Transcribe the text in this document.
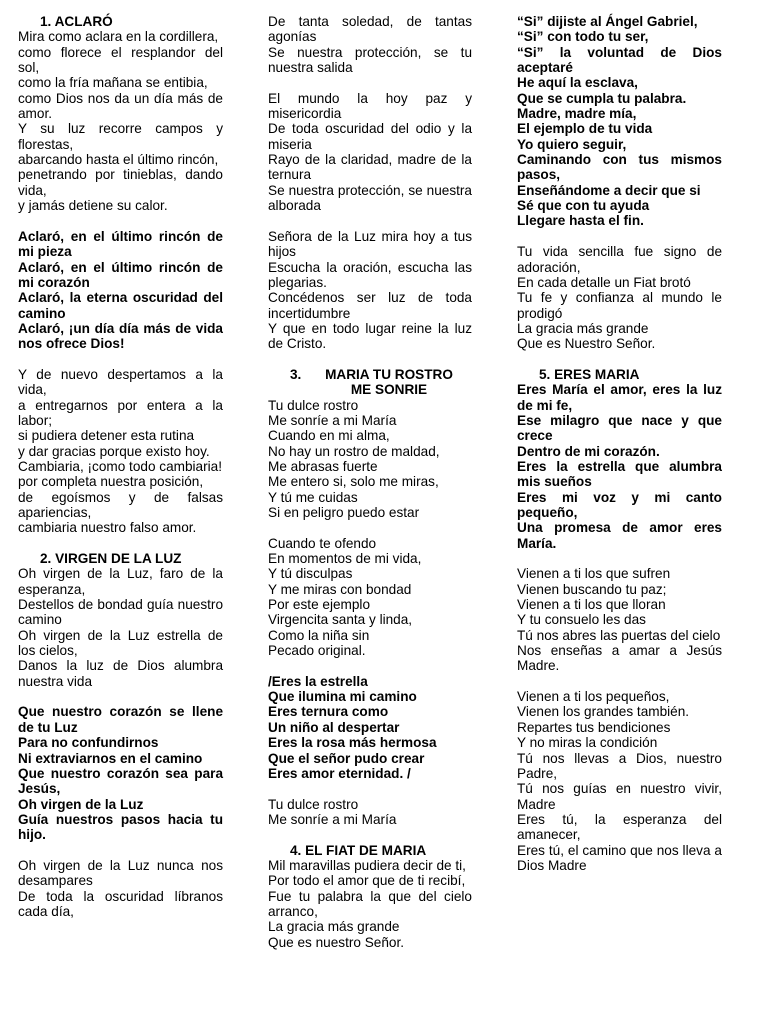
1. ACLARÓ

Mira como aclara en la cordillera,

como florece el resplandor del sol,

como la fría mañana se entibia,

como Dios nos da un día más de amor.

Y su luz recorre campos y florestas,

abarcando hasta el último rincón,

penetrando por tinieblas, dando vida,

y jamás detiene su calor.

Aclaró, en el último rincón de mi pieza

Aclaró, en el último rincón de mi corazón

Aclaró, la eterna oscuridad del camino

Aclaró, ¡un día día más de vida nos ofrece Dios!

Y de nuevo despertamos a la vida,

a entregarnos por entera a la labor;

si pudiera detener esta rutina

y dar gracias porque existo hoy.

Cambiaria, ¡como todo cambiaria!

por completa nuestra posición,

de egoísmos y de falsas apariencias,

cambiaria nuestro falso amor.

2. VIRGEN DE LA LUZ

Oh virgen de la Luz, faro de la esperanza,

Destellos de bondad guía nuestro camino

Oh virgen de la Luz estrella de los cielos,

Danos la luz de Dios alumbra nuestra vida

Que nuestro corazón se llene de tu Luz

Para no confundirnos

Ni extraviarnos en el camino

Que nuestro corazón sea para Jesús,

Oh virgen de la Luz

Guía nuestros pasos hacia tu hijo.

Oh virgen de la Luz nunca nos desampares

De toda la oscuridad líbranos cada día,

De tanta soledad, de tantas agonías

Se nuestra protección, se tu nuestra salida

El mundo la hoy paz y misericordia

De toda oscuridad del odio y la miseria

Rayo de la claridad, madre de la ternura

Se nuestra protección, se nuestra alborada

Señora de la Luz mira hoy a tus hijos

Escucha la oración, escucha las plegarias.

Concédenos ser luz de toda incertidumbre

Y que en todo lugar reine la luz de Cristo.

3. MARIA TU ROSTRO ME SONRIE

Tu dulce rostro

Me sonríe a mi María

Cuando en mi alma,

No hay un rostro de maldad,

Me abrasas fuerte

Me entero si, solo me miras,

Y tú me cuidas

Si en peligro puedo estar

Cuando te ofendo

En momentos de mi vida,

Y tú disculpas

Y me miras con bondad

Por este ejemplo

Virgencita santa y linda,

Como la niña sin

Pecado original.

/Eres la estrella

Que ilumina mi camino

Eres ternura como

Un niño al despertar

Eres la rosa más hermosa

Que el señor pudo crear

Eres amor eternidad. /

Tu dulce rostro

Me sonríe a mi María

4. EL FIAT DE MARIA

Mil maravillas pudiera decir de ti,

Por todo el amor que de ti recibí,

Fue tu palabra la que del cielo arranco,

La gracia más grande

Que es nuestro Señor.

“Si” dijiste al Ángel Gabriel,

“Si” con todo tu ser,

“Si” la voluntad de Dios aceptaré

He aquí la esclava,

Que se cumpla tu palabra.

Madre, madre mía,

El ejemplo de tu vida

Yo quiero seguir,

Caminando con tus mismos pasos,

Enseñándome a decir que si

Sé que con tu ayuda

Llegare hasta el fin.

Tu vida sencilla fue signo de adoración,

En cada detalle un Fiat brotó

Tu fe y confianza al mundo le prodigó

La gracia más grande

Que es Nuestro Señor.

5. ERES MARIA

Eres María el amor, eres la luz de mi fe,

Ese milagro que nace y que crece

Dentro de mi corazón.

Eres la estrella que alumbra mis sueños

Eres mi voz y mi canto pequeño,

Una promesa de amor eres María.

Vienen a ti los que sufren

Vienen buscando tu paz;

Vienen a ti los que lloran

Y tu consuelo les das

Tú nos abres las puertas del cielo

Nos enseñas a amar a Jesús Madre.

Vienen a ti los pequeños,

Vienen los grandes también.

Repartes tus bendiciones

Y no miras la condición

Tú nos llevas a Dios, nuestro Padre,

Tú nos guías en nuestro vivir, Madre

Eres tú, la esperanza del amanecer,

Eres tú, el camino que nos lleva a Dios Madre
